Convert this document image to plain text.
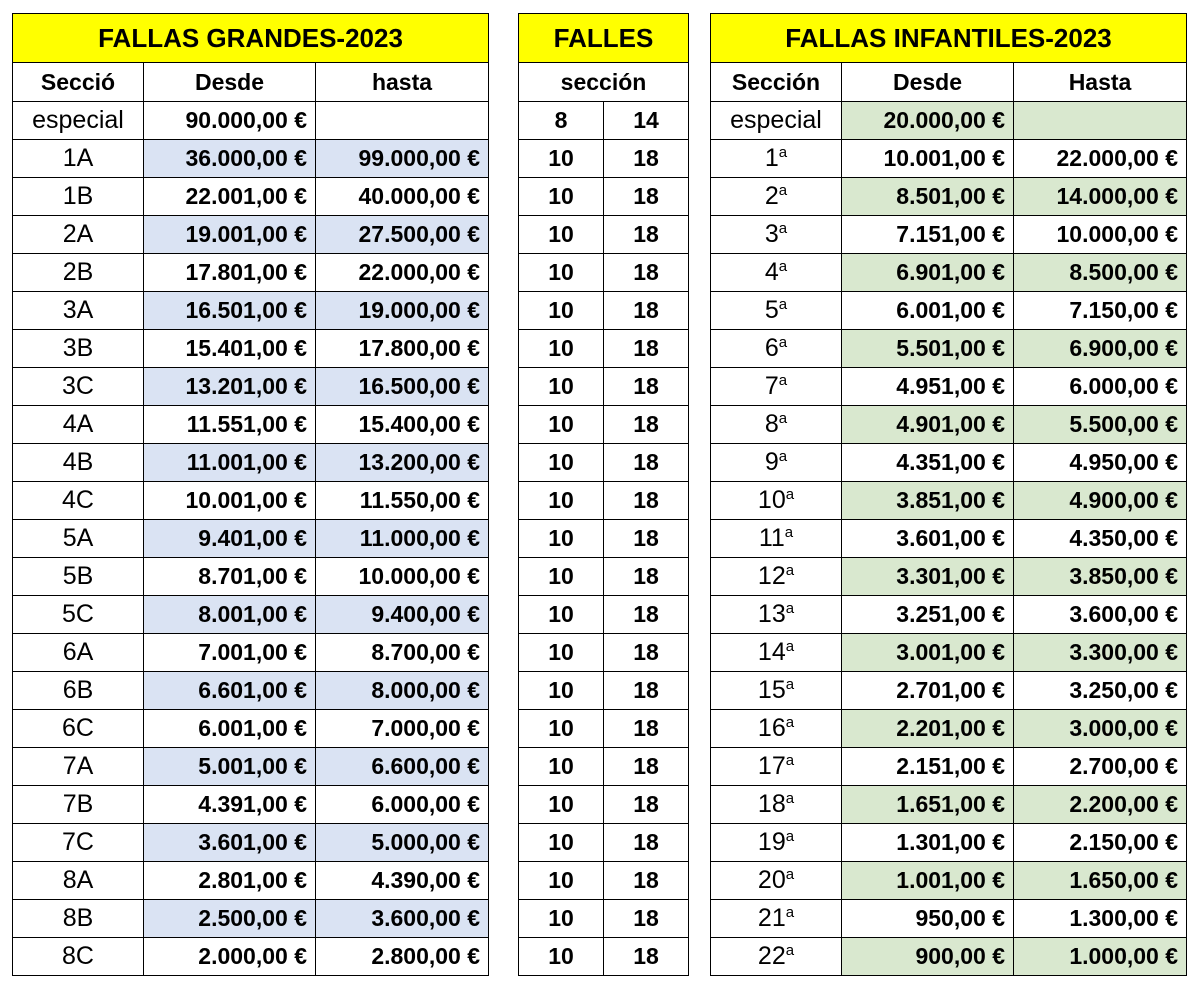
FALLAS GRANDES-2023		
Secció	Desde	hasta
especial	90.000,00 €	
1A	36.000,00 €	99.000,00 €
1B	22.001,00 €	40.000,00 €
2A	19.001,00 €	27.500,00 €
2B	17.801,00 €	22.000,00 €
3A	16.501,00 €	19.000,00 €
3B	15.401,00 €	17.800,00 €
3C	13.201,00 €	16.500,00 €
4A	11.551,00 €	15.400,00 €
4B	11.001,00 €	13.200,00 €
4C	10.001,00 €	11.550,00 €
5A	9.401,00 €	11.000,00 €
5B	8.701,00 €	10.000,00 €
5C	8.001,00 €	9.400,00 €
6A	7.001,00 €	8.700,00 €
6B	6.601,00 €	8.000,00 €
6C	6.001,00 €	7.000,00 €
7A	5.001,00 €	6.600,00 €
7B	4.391,00 €	6.000,00 €
7C	3.601,00 €	5.000,00 €
8A	2.801,00 €	4.390,00 €
8B	2.500,00 €	3.600,00 €
8C	2.000,00 €	2.800,00 €
FALLES	
sección	
8	14
10	18
10	18
10	18
10	18
10	18
10	18
10	18
10	18
10	18
10	18
10	18
10	18
10	18
10	18
10	18
10	18
10	18
10	18
10	18
10	18
10	18
10	18
FALLAS INFANTILES-2023		
Sección	Desde	Hasta
especial	20.000,00 €	
1$^a$	10.001,00 €	22.000,00 €
2$^a$	8.501,00 €	14.000,00 €
3$^a$	7.151,00 €	10.000,00 €
4$^a$	6.901,00 €	8.500,00 €
5$^a$	6.001,00 €	7.150,00 €
6$^a$	5.501,00 €	6.900,00 €
7$^a$	4.951,00 €	6.000,00 €
8$^a$	4.901,00 €	5.500,00 €
9$^a$	4.351,00 €	4.950,00 €
10$^a$	3.851,00 €	4.900,00 €
11$^a$	3.601,00 €	4.350,00 €
12$^a$	3.301,00 €	3.850,00 €
13$^a$	3.251,00 €	3.600,00 €
14$^a$	3.001,00 €	3.300,00 €
15$^a$	2.701,00 €	3.250,00 €
16$^a$	2.201,00 €	3.000,00 €
17$^a$	2.151,00 €	2.700,00 €
18$^a$	1.651,00 €	2.200,00 €
19$^a$	1.301,00 €	2.150,00 €
20$^a$	1.001,00 €	1.650,00 €
21$^a$	950,00 €	1.300,00 €
22$^a$	900,00 €	1.000,00 €
